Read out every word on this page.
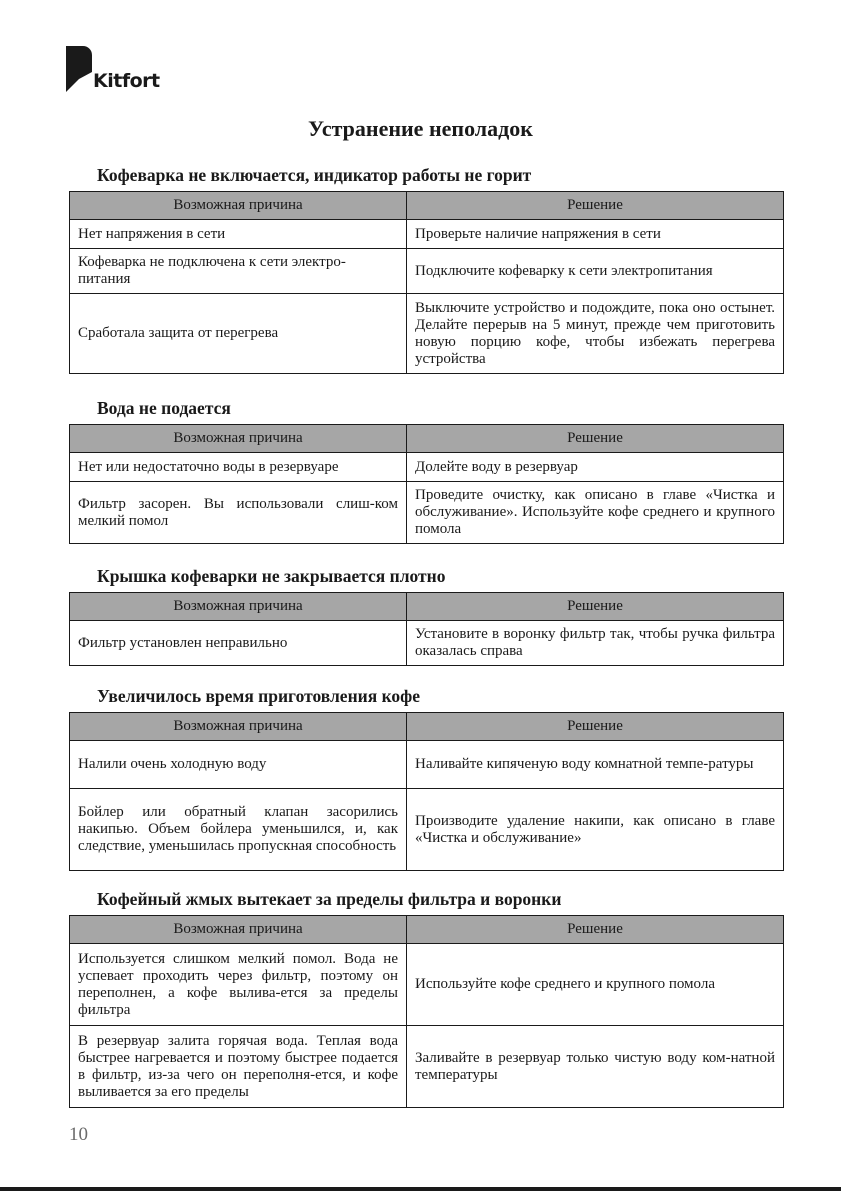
Kitfort
Устранение неполадок
Кофеварка не включается, индикатор работы не горит
Возможная причина	Решение
Нет напряжения в сети	Проверьте наличие напряжения в сети
Кофеварка не подключена к сети электро-питания	Подключите кофеварку к сети электропитания
Сработала защита от перегрева	Выключите устройство и подождите, пока оно остынет. Делайте перерыв на 5 минут, прежде чем приготовить новую порцию кофе, чтобы избежать перегрева устройства
Вода не подается
Возможная причина	Решение
Нет или недостаточно воды в резервуаре	Долейте воду в резервуар
Фильтр засорен. Вы использовали слиш-ком мелкий помол	Проведите очистку, как описано в главе «Чистка и обслуживание». Используйте кофе среднего и крупного помола
Крышка кофеварки не закрывается плотно
Возможная причина	Решение
Фильтр установлен неправильно	Установите в воронку фильтр так, чтобы ручка фильтра оказалась справа
Увеличилось время приготовления кофе
Возможная причина	Решение
Налили очень холодную воду	Наливайте кипяченую воду комнатной темпе-ратуры
Бойлер или обратный клапан засорились накипью. Объем бойлера уменьшился, и, как следствие, уменьшилась пропускная способность	Производите удаление накипи, как описано в главе «Чистка и обслуживание»
Кофейный жмых вытекает за пределы фильтра и воронки
Возможная причина	Решение
Используется слишком мелкий помол. Вода не успевает проходить через фильтр, поэтому он переполнен, а кофе вылива-ется за пределы фильтра	Используйте кофе среднего и крупного помола
В резервуар залита горячая вода. Теплая вода быстрее нагревается и поэтому быстрее подается в фильтр, из-за чего он переполня-ется, и кофе выливается за его пределы	Заливайте в резервуар только чистую воду ком-натной температуры
10
